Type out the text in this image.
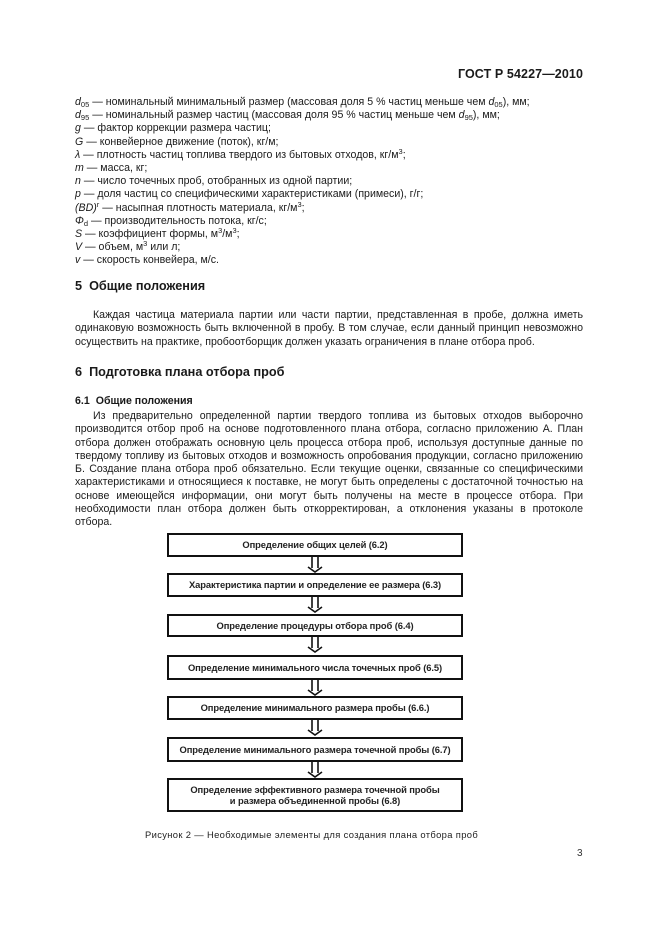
ГОСТ Р 54227—2010
$d_{05}$ — номинальный минимальный размер (массовая доля 5 % частиц меньше чем $d_{05}$), мм;
$d_{95}$ — номинальный размер частиц (массовая доля 95 % частиц меньше чем $d_{95}$), мм;
g — фактор коррекции размера частиц;
G — конвейерное движение (поток), кг/м;
λ — плотность частиц топлива твердого из бытовых отходов, $кг/м^3$;
m — масса, кг;
n — число точечных проб, отобранных из одной партии;
p — доля частиц со специфическими характеристиками (примеси), г/г;
(BD)$^r$ — насыпная плотность материала, $кг/м^3$;
$\Phi_d$ — производительность потока, кг/с;
S — коэффициент формы, $м^3/м^3$;
V — объем, $м^3$ или л;
v — скорость конвейера, м/с.
5 Общие положения
Каждая частица материала партии или части партии, представленная в пробе, должна иметь одинаковую возможность быть включенной в пробу. В том случае, если данный принцип невозможно осуществить на практике, пробоотборщик должен указать ограничения в плане отбора проб.
6 Подготовка плана отбора проб
6.1 Общие положения
Из предварительно определенной партии твердого топлива из бытовых отходов выборочно производится отбор проб на основе подготовленного плана отбора, согласно приложению А. План отбора должен отображать основную цель процесса отбора проб, используя доступные данные по твердому топливу из бытовых отходов и возможность опробования продукции, согласно приложению Б. Создание плана отбора проб обязательно. Если текущие оценки, связанные со специфическими характеристиками и относящиеся к поставке, не могут быть определены с достаточной точностью на основе имеющейся информации, они могут быть получены на месте в процессе отбора. При необходимости план отбора должен быть откорректирован, а отклонения указаны в протоколе отбора.
Определение общих целей (6.2)
Характеристика партии и определение ее размера (6.3)
Определение процедуры отбора проб (6.4)
Определение минимального числа точечных проб (6.5)
Определение минимального размера пробы (6.6.)
Определение минимального размера точечной пробы (6.7)
Определение эффективного размера точечной пробы
и размера объединенной пробы (6.8)
Рисунок 2 — Необходимые элементы для создания плана отбора проб
3
